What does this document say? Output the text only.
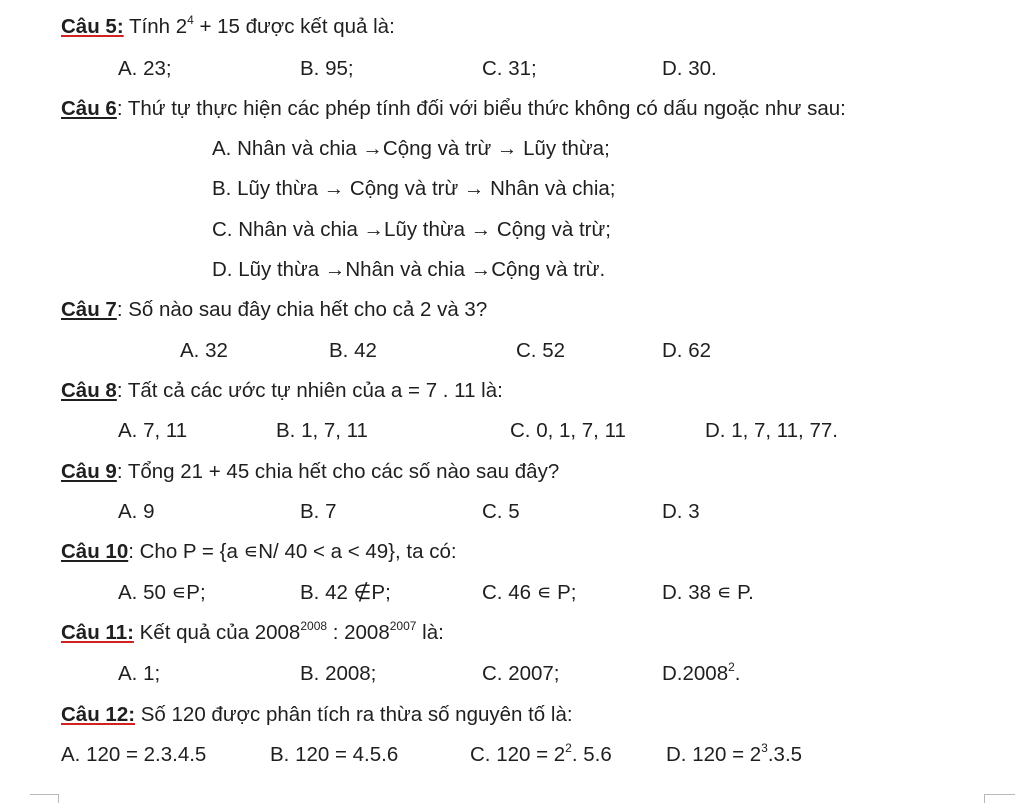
Câu 5: Tính $2^4 + 15$ được kết quả là:
A. 23;	B. 95;	C. 31;	D. 30.
Câu 6: Thứ tự thực hiện các phép tính đối với biểu thức không có dấu ngoặc như sau:
A. Nhân và chia →Cộng và trừ → Lũy thừa;
B. Lũy thừa → Cộng và trừ → Nhân và chia;
C. Nhân và chia →Lũy thừa → Cộng và trừ;
D. Lũy thừa →Nhân và chia →Cộng và trừ.
Câu 7: Số nào sau đây chia hết cho cả 2 và 3?
A. 32	B. 42	C. 52	D. 62
Câu 8: Tất cả các ước tự nhiên của a = 7 . 11 là:
A. 7, 11	B. 1, 7, 11	C. 0, 1, 7, 11	D. 1, 7, 11, 77.
Câu 9: Tổng 21 + 45 chia hết cho các số nào sau đây?
A. 9	B. 7	C. 5	D. 3
Câu 10: Cho P = {a ∊N/ 40 < a < 49}, ta có:
A. 50 ∊P;	B. 42 ∉P;	C. 46 ∊ P;	D. 38 ∊ P.
Câu 11: Kết quả của $2008^{2008}$ : $2008^{2007}$ là:
A. 1;	B. 2008;	C. 2007;	D.2008$^2$.
Câu 12: Số 120 được phân tích ra thừa số nguyên tố là:
A. 120 = 2.3.4.5	B. 120 = 4.5.6	C. $120 = 2^2$. 5.6	D. $120 = 2^3.3.5$
